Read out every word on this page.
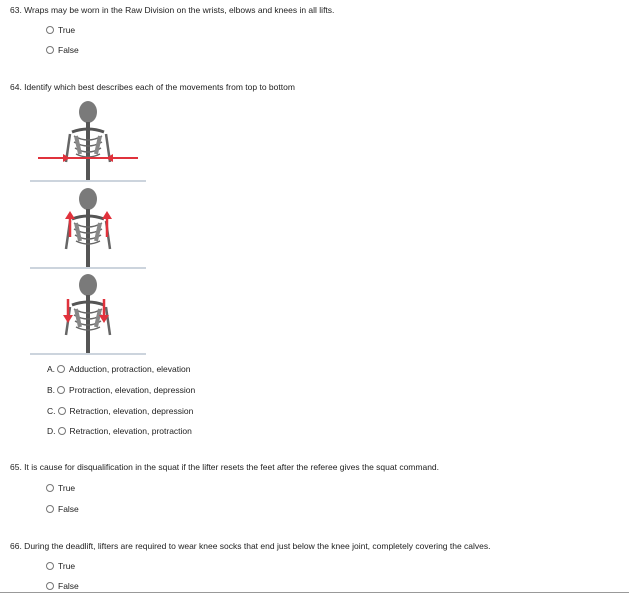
63. Wraps may be worn in the Raw Division on the wrists, elbows and knees in all lifts.
True
False
64. Identify which best describes each of the movements from top to bottom
A. Adduction, protraction, elevation
B. Protraction, elevation, depression
C. Retraction, elevation, depression
D. Retraction, elevation, protraction
65. It is cause for disqualification in the squat if the lifter resets the feet after the referee gives the squat command.
True
False
66. During the deadlift, lifters are required to wear knee socks that end just below the knee joint, completely covering the calves.
True
False
